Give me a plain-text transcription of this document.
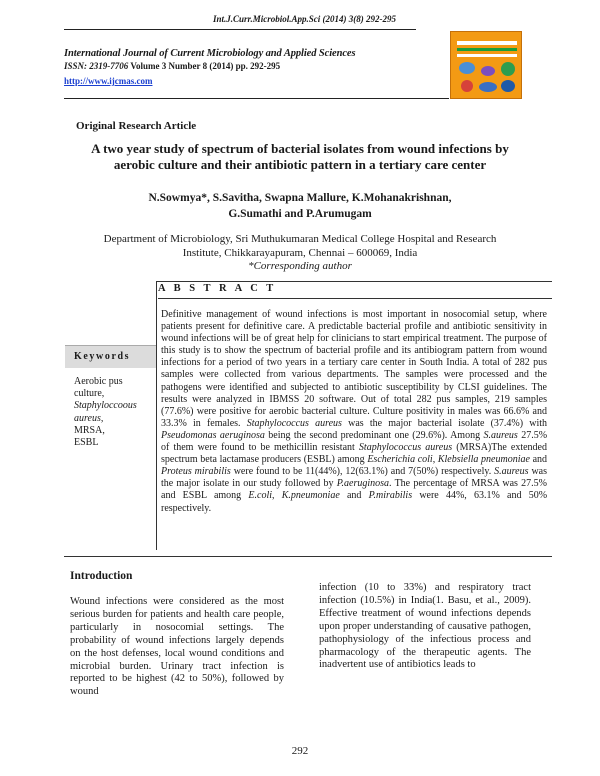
Int.J.Curr.Microbiol.App.Sci (2014) 3(8) 292-295
International Journal of Current Microbiology and Applied Sciences
ISSN: 2319-7706 Volume 3 Number 8 (2014) pp. 292-295
http://www.ijcmas.com
Original Research Article
A two year study of spectrum of bacterial isolates from wound infections by aerobic culture and their antibiotic pattern in a tertiary care center
N.Sowmya*, S.Savitha, Swapna Mallure, K.Mohanakrishnan,
G.Sumathi and P.Arumugam
Department of Microbiology, Sri Muthukumaran Medical College Hospital and Research
Institute, Chikkarayapuram, Chennai – 600069, India
*Corresponding author
A B S T R A C T
Definitive management of wound infections is most important in nosocomial setup, where patients present for definitive care. A predictable bacterial profile and antibiotic sensitivity in wound infections will be of great help for clinicians to start empirical treatment. The purpose of this study is to show the spectrum of bacterial profile and its antibiogram pattern from wound infections for a period of two years in a tertiary care center in South India. A total of 282 pus samples were collected from various departments. The samples were processed and the pathogens were identified and subjected to antibiotic susceptibility by CLSI guidelines. The results were analyzed in IBMSS 20 software. Out of total 282 pus samples, 219 samples (77.6%) were positive for aerobic bacterial culture. Culture positivity in males was 66.6% and 33.3% in females. Staphylococcus aureus was the major bacterial isolate (37.4%) with Pseudomonas aeruginosa being the second predominant one (29.6%). Among S.aureus 27.5% of them were found to be methicillin resistant Staphylococcus aureus (MRSA)The extended spectrum beta lactamase producers (ESBL) among Escherichia coli, Klebsiella pneumoniae and Proteus mirabilis were found to be 11(44%), 12(63.1%) and 7(50%) respectively. S.aureus was the major isolate in our study followed by P.aeruginosa. The percentage of MRSA was 27.5% and ESBL among E.coli, K.pneumoniae and P.mirabilis were 44%, 63.1% and 50% respectively.
Keywords
Aerobic pus culture,
Staphyloccoous aureus,
MRSA,
ESBL
Introduction
Wound infections were considered as the most serious burden for patients and health care people, particularly in nosocomial settings. The probability of wound infections largely depends on the host defenses, local wound conditions and microbial burden. Urinary tract infection is reported to be highest (42 to 50%), followed by wound
infection (10 to 33%) and respiratory tract infection (10.5%) in India(1. Basu, et al., 2009). Effective treatment of wound infections depends upon proper understanding of causative pathogen, pathophysiology of the infectious process and pharmacology of the therapeutic agents. The inadvertent use of antibiotics leads to
292
